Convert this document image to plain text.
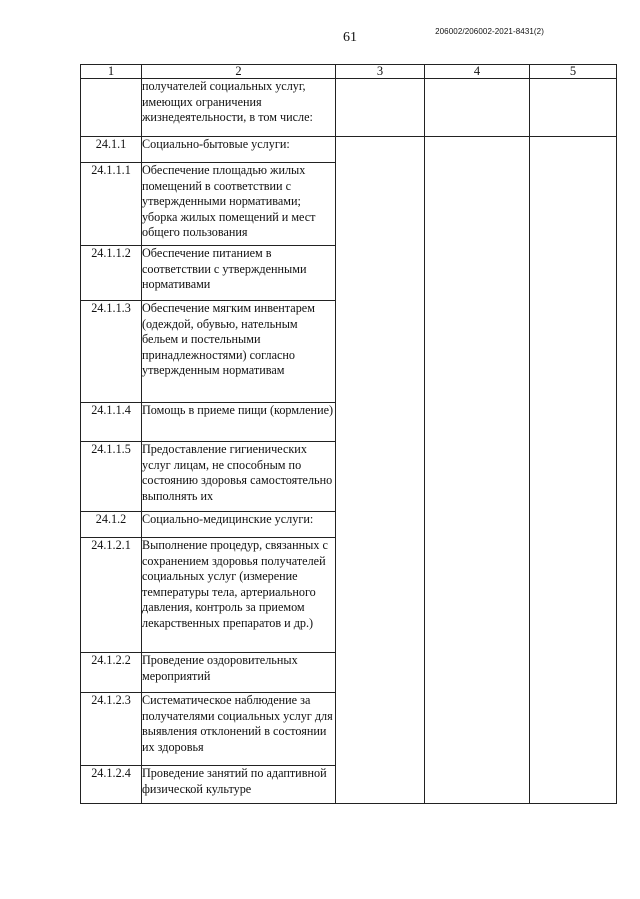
61	206002/206002-2021-8431(2)
1	2	3	4	5
	получателей социальных услуг, имеющих ограничения жизнедеятельности, в том числе:			
24.1.1	Социально-бытовые услуги:			
24.1.1.1	Обеспечение площадью жилых помещений в соответствии с утвержденными нормативами; уборка жилых помещений и мест общего пользования			
24.1.1.2	Обеспечение питанием в соответствии с утвержденными нормативами			
24.1.1.3	Обеспечение мягким инвентарем (одеждой, обувью, нательным бельем и постельными принадлежностями) согласно утвержденным нормативам			
24.1.1.4	Помощь в приеме пищи (кормление)			
24.1.1.5	Предоставление гигиенических услуг лицам, не способным по состоянию здоровья самостоятельно выполнять их			
24.1.2	Социально-медицинские услуги:			
24.1.2.1	Выполнение процедур, связанных с сохранением здоровья получателей социальных услуг (измерение температуры тела, артериального давления, контроль за приемом лекарственных препаратов и др.)			
24.1.2.2	Проведение оздоровительных мероприятий			
24.1.2.3	Систематическое наблюдение за получателями социальных услуг для выявления отклонений в состоянии их здоровья			
24.1.2.4	Проведение занятий по адаптивной физической культуре			
